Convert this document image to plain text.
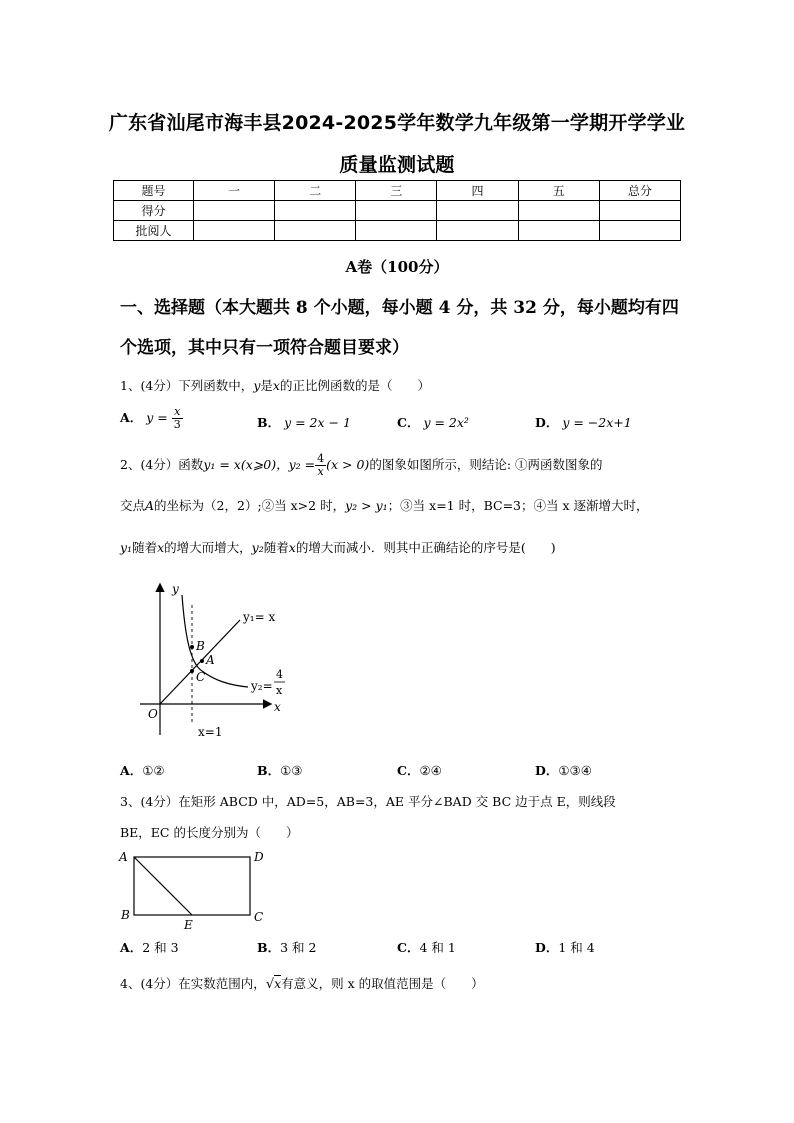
广东省汕尾市海丰县2024-2025学年数学九年级第一学期开学学业
质量监测试题
题号	一	二	三	四	五	总分
得分						
批阅人						
A卷（100分）
一、选择题（本大题共 8 个小题，每小题 4 分，共 32 分，每小题均有四个选项，其中只有一项符合题目要求）
1、(4分）下列函数中，y是x的正比例函数的是（　　）
A． $y = \frac{x}{3}$	B． y = 2x − 1	C． y = 2x²	D． y = −2x+1
2、(4分）函数y₁ = x(x⩾0)，$y_2 = \frac{4}{x} (x > 0)$的图象如图所示，则结论: ①两函数图象的
交点A的坐标为（2，2）;②当 x>2 时，y₂ > y₁；③当 x=1 时，BC=3；④当 x 逐渐增大时，
y₁随着x的增大而增大，y₂随着x的增大而减小．则其中正确结论的序号是(　　)
y
x
O
y₁= x
y₂=
4
x
B
A
C
x=1
A．①②	B．①③	C．②④	D．①③④
3、(4分）在矩形 ABCD 中，AD=5，AB=3，AE 平分∠BAD 交 BC 边于点 E，则线段
BE，EC 的长度分别为（　　）
A	D
B	C
E
A．2 和 3	B．3 和 2	C．4 和 1	D．1 和 4
4、(4分）在实数范围内，√x有意义，则 x 的取值范围是（　　）
